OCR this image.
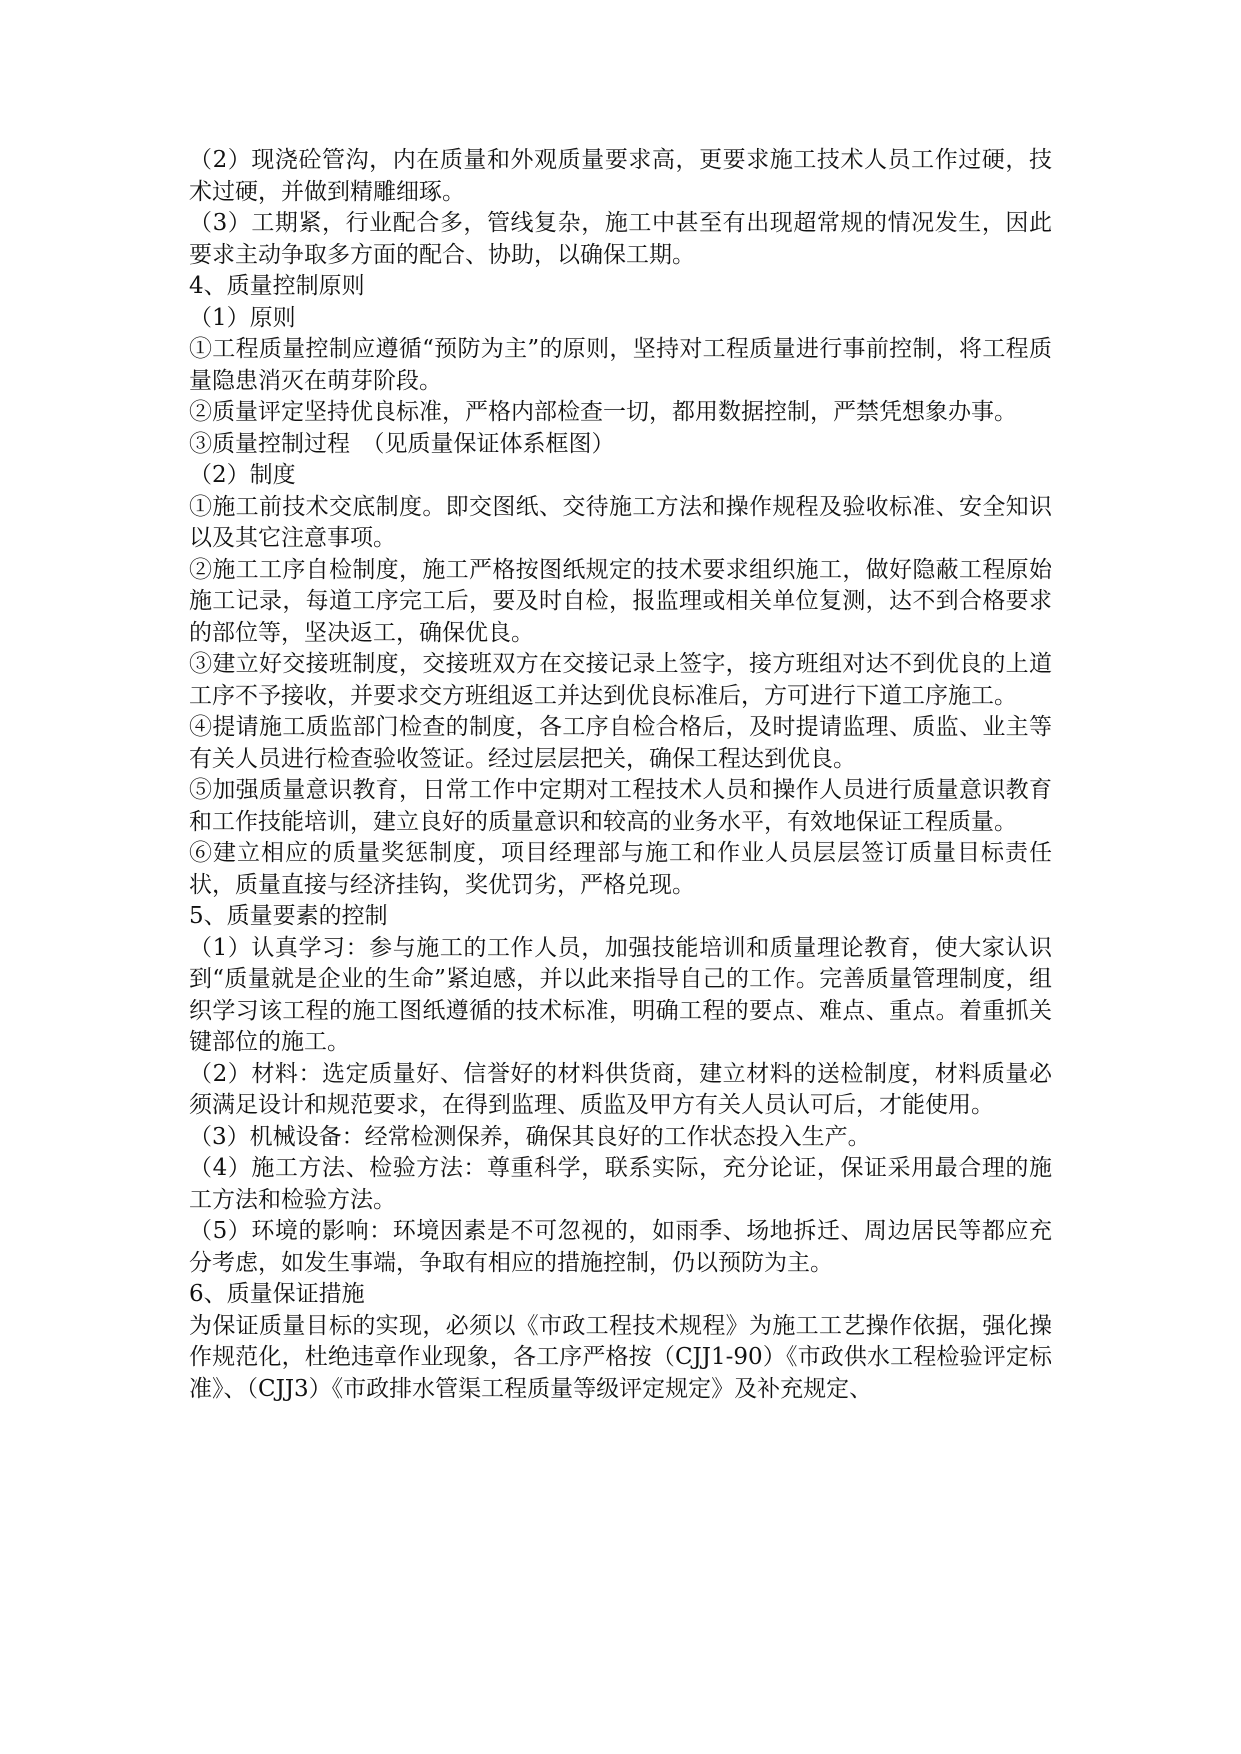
（2）现浇砼管沟，内在质量和外观质量要求高，更要求施工技术人员工作过硬，技术过硬，并做到精雕细琢。

（3）工期紧，行业配合多，管线复杂，施工中甚至有出现超常规的情况发生，因此要求主动争取多方面的配合、协助，以确保工期。

4、质量控制原则

（1）原则

①工程质量控制应遵循“预防为主”的原则，坚持对工程质量进行事前控制，将工程质量隐患消灭在萌芽阶段。

②质量评定坚持优良标准，严格内部检查一切，都用数据控制，严禁凭想象办事。

③质量控制过程　（见质量保证体系框图）

（2）制度

①施工前技术交底制度。即交图纸、交待施工方法和操作规程及验收标准、安全知识以及其它注意事项。

②施工工序自检制度，施工严格按图纸规定的技术要求组织施工，做好隐蔽工程原始施工记录，每道工序完工后，要及时自检，报监理或相关单位复测，达不到合格要求的部位等，坚决返工，确保优良。

③建立好交接班制度，交接班双方在交接记录上签字，接方班组对达不到优良的上道工序不予接收，并要求交方班组返工并达到优良标准后，方可进行下道工序施工。

④提请施工质监部门检查的制度，各工序自检合格后，及时提请监理、质监、业主等有关人员进行检查验收签证。经过层层把关，确保工程达到优良。

⑤加强质量意识教育，日常工作中定期对工程技术人员和操作人员进行质量意识教育和工作技能培训，建立良好的质量意识和较高的业务水平，有效地保证工程质量。

⑥建立相应的质量奖惩制度，项目经理部与施工和作业人员层层签订质量目标责任状，质量直接与经济挂钩，奖优罚劣，严格兑现。

5、质量要素的控制

（1）认真学习：参与施工的工作人员，加强技能培训和质量理论教育，使大家认识到“质量就是企业的生命”紧迫感，并以此来指导自己的工作。完善质量管理制度，组织学习该工程的施工图纸遵循的技术标准，明确工程的要点、难点、重点。着重抓关键部位的施工。

（2）材料：选定质量好、信誉好的材料供货商，建立材料的送检制度，材料质量必须满足设计和规范要求，在得到监理、质监及甲方有关人员认可后，才能使用。

（3）机械设备：经常检测保养，确保其良好的工作状态投入生产。

（4）施工方法、检验方法：尊重科学，联系实际，充分论证，保证采用最合理的施工方法和检验方法。

（5）环境的影响：环境因素是不可忽视的，如雨季、场地拆迁、周边居民等都应充分考虑，如发生事端，争取有相应的措施控制，仍以预防为主。

6、质量保证措施

为保证质量目标的实现，必须以《市政工程技术规程》为施工工艺操作依据，强化操作规范化，杜绝违章作业现象，各工序严格按（CJJ1-90）《市政供水工程检验评定标准》、（CJJ3）《市政排水管渠工程质量等级评定规定》及补充规定、
